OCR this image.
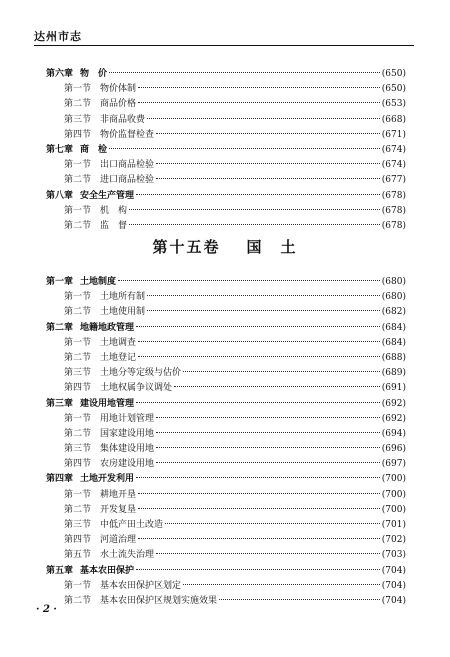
达州市志
第六章 物　价	(650)
第一节 物价体制	(650)
第二节 商品价格	(653)
第三节 非商品收费	(668)
第四节 物价监督检查	(671)
第七章 商　检	(674)
第一节 出口商品检验	(674)
第二节 进口商品检验	(677)
第八章 安全生产管理	(678)
第一节 机　构	(678)
第二节 监　督	(678)
第十五卷 国　土
第一章 土地制度	(680)
第一节 土地所有制	(680)
第二节 土地使用制	(682)
第二章 地籍地政管理	(684)
第一节 土地调查	(684)
第二节 土地登记	(688)
第三节 土地分等定级与估价	(689)
第四节 土地权属争议调处	(691)
第三章 建设用地管理	(692)
第一节 用地计划管理	(692)
第二节 国家建设用地	(694)
第三节 集体建设用地	(696)
第四节 农房建设用地	(697)
第四章 土地开发利用	(700)
第一节 耕地开垦	(700)
第二节 开发复垦	(700)
第三节 中低产田土改造	(701)
第四节 河道治理	(702)
第五节 水土流失治理	(703)
第五章 基本农田保护	(704)
第一节 基本农田保护区划定	(704)
第二节 基本农田保护区规划实施效果	(704)
· 2 ·
